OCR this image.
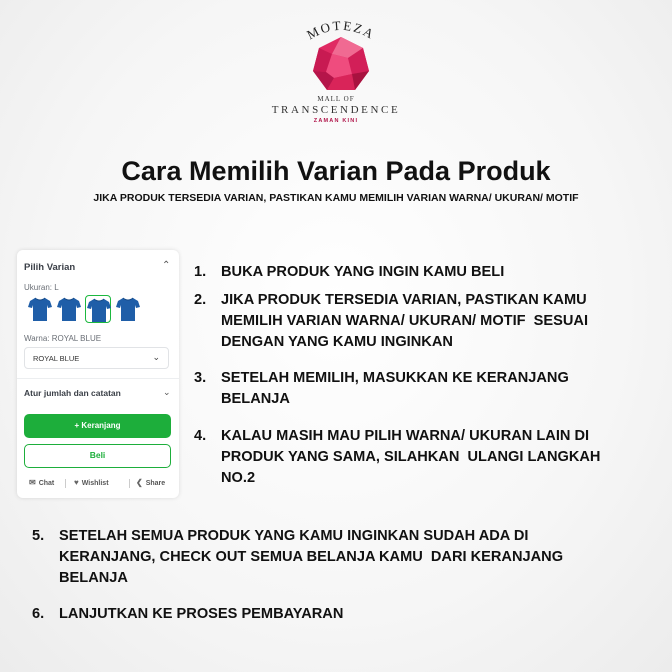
MOTEZA
MALL OF
TRANSCENDENCE
ZAMAN KINI
Cara Memilih Varian Pada Produk
JIKA PRODUK TERSEDIA VARIAN, PASTIKAN KAMU MEMILIH VARIAN WARNA/ UKURAN/ MOTIF
Pilih Varian	⌃
Ukuran: L
Warna: ROYAL BLUE
ROYAL BLUE	⌄
Atur jumlah dan catatan	⌄
+ Keranjang
Beli
✉ Chat ♥ Wishlist	❮ Share
1. BUKA PRODUK YANG INGIN KAMU BELI
2. JIKA PRODUK TERSEDIA VARIAN, PASTIKAN KAMU
MEMILIH VARIAN WARNA/ UKURAN/ MOTIF  SESUAI
DENGAN YANG KAMU INGINKAN
3. SETELAH MEMILIH, MASUKKAN KE KERANJANG
BELANJA
4. KALAU MASIH MAU PILIH WARNA/ UKURAN LAIN DI
PRODUK YANG SAMA, SILAHKAN  ULANGI LANGKAH
NO.2
5. SETELAH SEMUA PRODUK YANG KAMU INGINKAN SUDAH ADA DI
KERANJANG, CHECK OUT SEMUA BELANJA KAMU  DARI KERANJANG
BELANJA
6. LANJUTKAN KE PROSES PEMBAYARAN
